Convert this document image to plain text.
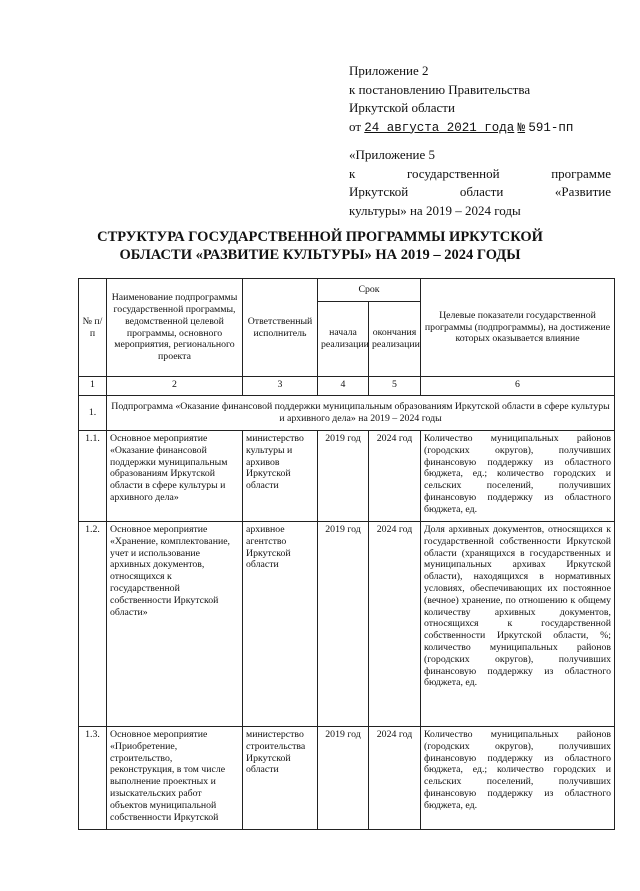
Приложение 2
к постановлению Правительства
Иркутской области
от 24 августа 2021 года № 591-пп
«Приложение 5
к	государственной	программе
Иркутской	области	«Развитие
культуры» на 2019 – 2024 годы
СТРУКТУРА ГОСУДАРСТВЕННОЙ ПРОГРАММЫ ИРКУТСКОЙ
ОБЛАСТИ «РАЗВИТИЕ КУЛЬТУРЫ» НА 2019 – 2024 ГОДЫ
№ п/п	Наименование подпрограммы государственной программы, ведомственной целевой программы, основного мероприятия, регионального проекта	Ответственный исполнитель	Срок		Целевые показатели государственной программы (подпрограммы), на достижение которых оказывается влияние
			начала реализации	окончания реализации	
1	2	3	4	5	6
1.	Подпрограмма «Оказание финансовой поддержки муниципальным образованиям Иркутской области в сфере культуры и архивного дела» на 2019 – 2024 годы				
1.1.	Основное мероприятие «Оказание финансовой поддержки муниципальным образованиям Иркутской области в сфере культуры и архивного дела»	министерство культуры и архивов Иркутской области	2019 год	2024 год	Количество муниципальных районов (городских округов), получивших финансовую поддержку из областного бюджета, ед.; количество городских и сельских поселений, получивших финансовую поддержку из областного бюджета, ед.
1.2.	Основное мероприятие «Хранение, комплектование, учет и использование архивных документов, относящихся к государственной собственности Иркутской области»	архивное агентство Иркутской области	2019 год	2024 год	Доля архивных документов, относящихся к государственной собственности Иркутской области (хранящихся в государственных и муниципальных архивах Иркутской области), находящихся в нормативных условиях, обеспечивающих их постоянное (вечное) хранение, по отношению к общему количеству архивных документов, относящихся к государственной собственности Иркутской области, %; количество муниципальных районов (городских округов), получивших финансовую поддержку из областного бюджета, ед.
1.3.	Основное мероприятие «Приобретение, строительство, реконструкция, в том числе выполнение проектных и изыскательских работ объектов муниципальной собственности Иркутской	министерство строительства Иркутской области	2019 год	2024 год	Количество муниципальных районов (городских округов), получивших финансовую поддержку из областного бюджета, ед.; количество городских и сельских поселений, получивших финансовую поддержку из областного бюджета, ед.
